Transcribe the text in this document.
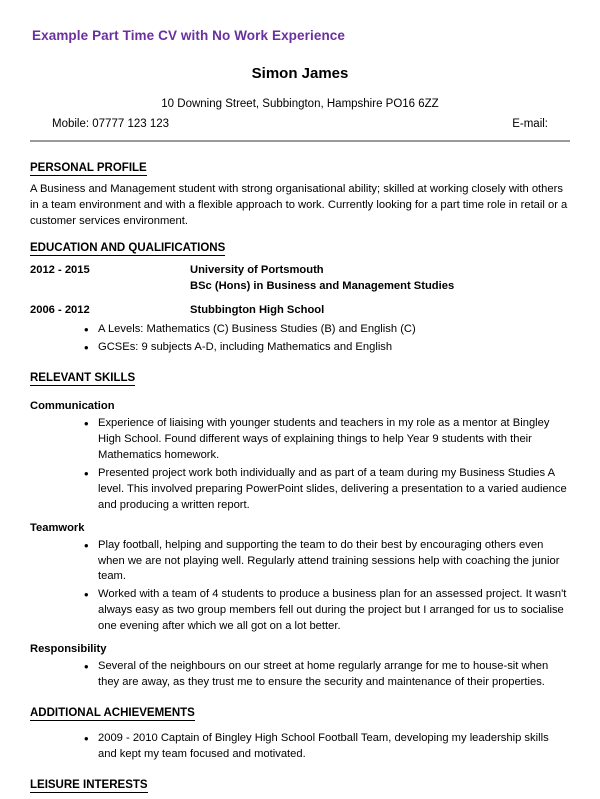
Example Part Time CV with No Work Experience
Simon James
10 Downing Street, Subbington, Hampshire PO16 6ZZ
Mobile: 07777 123 123	E-mail:
PERSONAL PROFILE

A Business and Management student with strong organisational ability; skilled at working closely with others in a team environment and with a flexible approach to work. Currently looking for a part time role in retail or a customer services environment.

EDUCATION AND QUALIFICATIONS
2012 - 2015	University of Portsmouth
BSc (Hons) in Business and Management Studies
2006 - 2012	Stubbington High School
• A Levels: Mathematics (C) Business Studies (B) and English (C)
• GCSEs: 9 subjects A-D, including Mathematics and English
RELEVANT SKILLS
Communication
• Experience of liaising with younger students and teachers in my role as a mentor at Bingley High School. Found different ways of explaining things to help Year 9 students with their Mathematics homework.
• Presented project work both individually and as part of a team during my Business Studies A level. This involved preparing PowerPoint slides, delivering a presentation to a varied audience and producing a written report.
Teamwork
• Play football, helping and supporting the team to do their best by encouraging others even when we are not playing well. Regularly attend training sessions help with coaching the junior team.
• Worked with a team of 4 students to produce a business plan for an assessed project. It wasn't always easy as two group members fell out during the project but I arranged for us to socialise one evening after which we all got on a lot better.
Responsibility
• Several of the neighbours on our street at home regularly arrange for me to house-sit when they are away, as they trust me to ensure the security and maintenance of their properties.
ADDITIONAL ACHIEVEMENTS
• 2009 - 2010 Captain of Bingley High School Football Team, developing my leadership skills and kept my team focused and motivated.
LEISURE INTERESTS
